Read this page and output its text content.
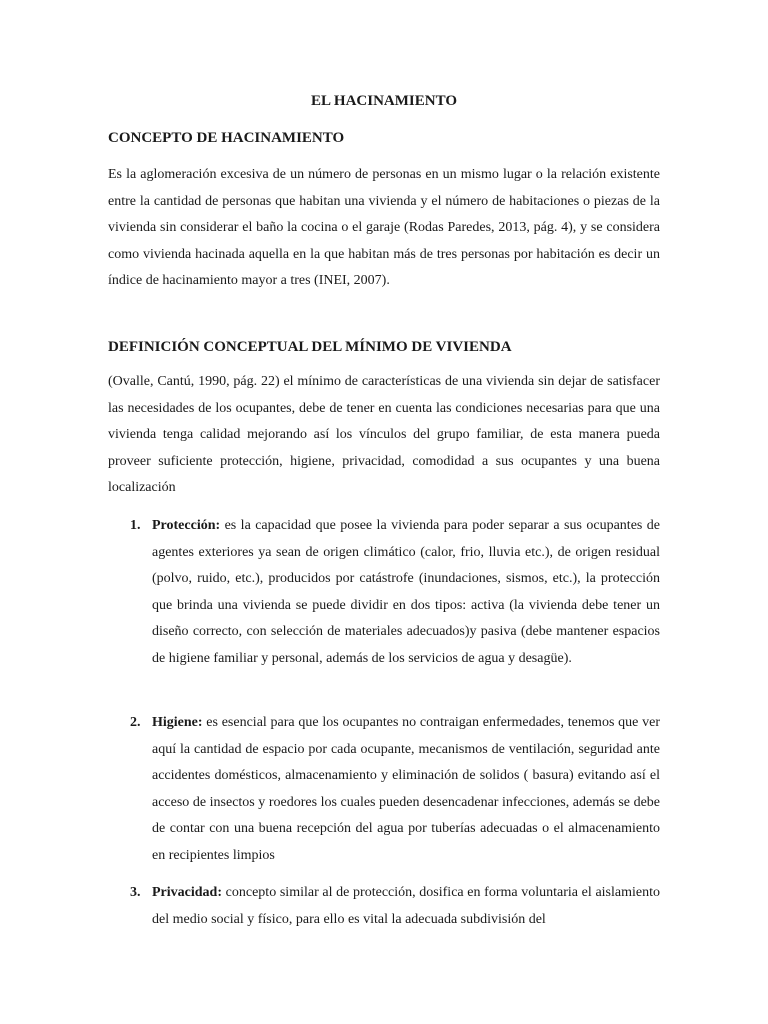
EL HACINAMIENTO
CONCEPTO DE HACINAMIENTO

Es la aglomeración excesiva de un número de personas en un mismo lugar o la relación existente entre la cantidad de personas que habitan una vivienda y el número de habitaciones o piezas de la vivienda sin considerar el baño la cocina o el garaje (Rodas Paredes, 2013, pág. 4), y se considera como vivienda hacinada aquella en la que habitan más de tres personas por habitación es decir un índice de hacinamiento mayor a tres (INEI, 2007).

DEFINICIÓN CONCEPTUAL DEL MÍNIMO DE VIVIENDA

(Ovalle, Cantú, 1990, pág. 22) el mínimo de características de una vivienda sin dejar de satisfacer las necesidades de los ocupantes, debe de tener en cuenta las condiciones necesarias para que una vivienda tenga calidad mejorando así los vínculos del grupo familiar, de esta manera pueda proveer suficiente protección, higiene, privacidad, comodidad a sus ocupantes y una buena localización

1. Protección: es la capacidad que posee la vivienda para poder separar a sus ocupantes de agentes exteriores ya sean de origen climático (calor, frio, lluvia etc.), de origen residual (polvo, ruido, etc.), producidos por catástrofe (inundaciones, sismos, etc.), la protección que brinda una vivienda se puede dividir en dos tipos: activa (la vivienda debe tener un diseño correcto, con selección de materiales adecuados)y pasiva (debe mantener espacios de higiene familiar y personal, además de los servicios de agua y desagüe).
2. Higiene: es esencial para que los ocupantes no contraigan enfermedades, tenemos que ver aquí la cantidad de espacio por cada ocupante, mecanismos de ventilación, seguridad ante accidentes domésticos, almacenamiento y eliminación de solidos ( basura) evitando así el acceso de insectos y roedores los cuales pueden desencadenar infecciones, además se debe de contar con una buena recepción del agua por tuberías adecuadas o el almacenamiento en recipientes limpios
3. Privacidad: concepto similar al de protección, dosifica en forma voluntaria el aislamiento del medio social y físico, para ello es vital la adecuada subdivisión del
